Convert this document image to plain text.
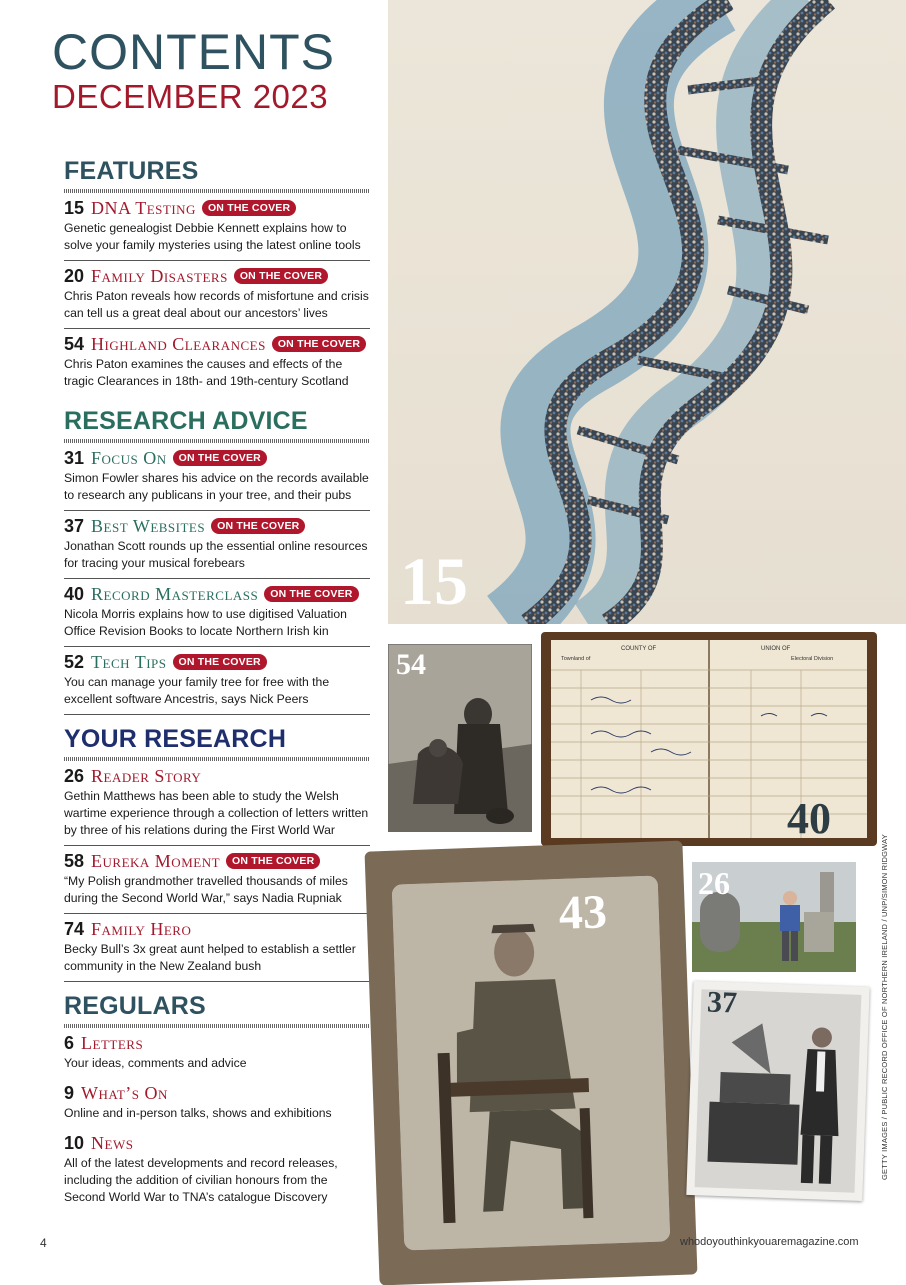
CONTENTS
DECEMBER 2023
FEATURES
15 DNA Testing	ON THE COVER
Genetic genealogist Debbie Kennett explains how to solve your family mysteries using the latest online tools
20 Family Disasters	ON THE COVER
Chris Paton reveals how records of misfortune and crisis can tell us a great deal about our ancestors’ lives
54 Highland Clearances	ON THE COVER
Chris Paton examines the causes and effects of the tragic Clearances in 18th- and 19th-century Scotland
RESEARCH ADVICE
31 Focus On	ON THE COVER
Simon Fowler shares his advice on the records available to research any publicans in your tree, and their pubs
37 Best Websites	ON THE COVER
Jonathan Scott rounds up the essential online resources for tracing your musical forebears
40 Record Masterclass	ON THE COVER
Nicola Morris explains how to use digitised Valuation Office Revision Books to locate Northern Irish kin
52 Tech Tips	ON THE COVER
You can manage your family tree for free with the excellent software Ancestris, says Nick Peers
YOUR RESEARCH
26 Reader Story
Gethin Matthews has been able to study the Welsh wartime experience through a collection of letters written by three of his relations during the First World War
58 Eureka Moment	ON THE COVER
“My Polish grandmother travelled thousands of miles during the Second World War,” says Nadia Rupniak
74 Family Hero
Becky Bull’s 3x great aunt helped to establish a settler community in the New Zealand bush
REGULARS
6 Letters
Your ideas, comments and advice
9 What’s On
Online and in-person talks, shows and exhibitions
10 News
All of the latest developments and record releases, including the addition of civilian honours from the Second World War to TNA’s catalogue Discovery
15
54	COUNTY OF	UNION OF
Townland of	Electoral Division
40
26
43
37
4	whodoyouthinkyouaremagazine.com
GETTY IMAGES / PUBLIC RECORD OFFICE OF NORTHERN IRELAND / UNP/SIMON RIDGWAY
